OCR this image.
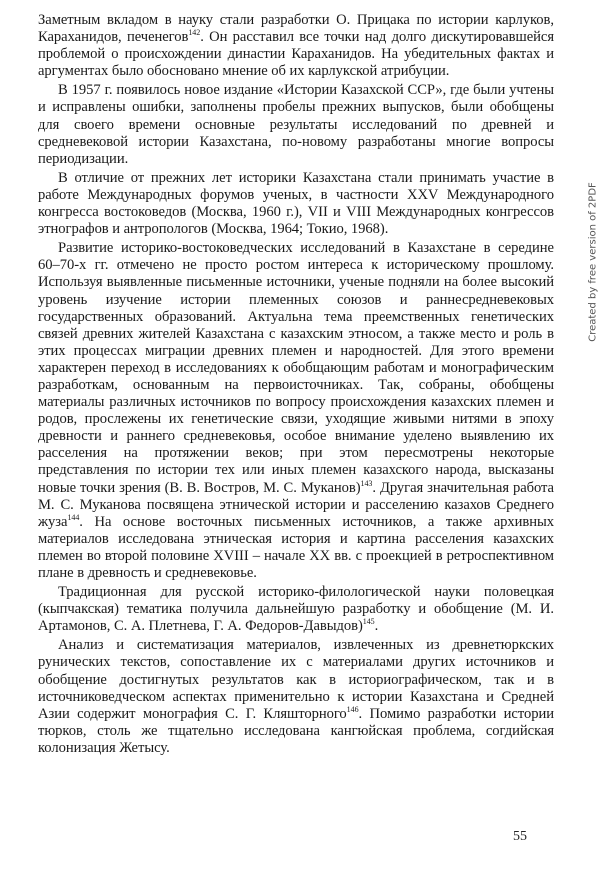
Заметным вкладом в науку стали разработки О. Прицака по истории карлуков, Караханидов, печенегов$^{142}$. Он расставил все точки над долго дискутировавшейся проблемой о происхождении династии Караханидов. На убедительных фактах и аргументах было обосновано мнение об их карлукской атрибуции.

В 1957 г. появилось новое издание «Истории Казахской ССР», где были учтены и исправлены ошибки, заполнены пробелы прежних выпусков, были обобщены для своего времени основные результаты исследований по древней и средневековой истории Казахстана, по-новому разработаны многие вопросы периодизации.

В отличие от прежних лет историки Казахстана стали принимать участие в работе Международных форумов ученых, в частности XXV Международного конгресса востоковедов (Москва, 1960 г.), VII и VIII Международных конгрессов этнографов и антропологов (Москва, 1964; Токио, 1968).

Развитие историко-востоковедческих исследований в Казахстане в середине 60–70-х гг. отмечено не просто ростом интереса к историческому прошлому. Используя выявленные письменные источники, ученые подняли на более высокий уровень изучение истории племенных союзов и раннесредневековых государственных образований. Актуальна тема преемственных генетических связей древних жителей Казахстана с казахским этносом, а также место и роль в этих процессах миграции древних племен и народностей. Для этого времени характерен переход в исследованиях к обобщающим работам и монографическим разработкам, основанным на первоисточниках. Так, собраны, обобщены материалы различных источников по вопросу происхождения казахских племен и родов, прослежены их генетические связи, уходящие живыми нитями в эпоху древности и раннего средневековья, особое внимание уделено выявлению их расселения на протяжении веков; при этом пересмотрены некоторые представления по истории тех или иных племен казахского народа, высказаны новые точки зрения (В. В. Востров, М. С. Муканов)$^{143}$. Другая значительная работа М. С. Муканова посвящена этнической истории и расселению казахов Среднего жуза$^{144}$. На основе восточных письменных источников, а также архивных материалов исследована этническая история и картина расселения казахских племен во второй половине XVIII – начале XX вв. с проекцией в ретроспективном плане в древность и средневековье.

Традиционная для русской историко-филологической науки половецкая (кыпчакская) тематика получила дальнейшую разработку и обобщение (М. И. Артамонов, С. А. Плетнева, Г. А. Федоров-Давыдов)$^{145}$.

Анализ и систематизация материалов, извлеченных из древнетюркских рунических текстов, сопоставление их с материалами других источников и обобщение достигнутых результатов как в историографическом, так и в источниковедческом аспектах применительно к истории Казахстана и Средней Азии содержит монография С. Г. Кляшторного$^{146}$. Помимо разработки истории тюрков, столь же тщательно исследована кангюйская проблема, согдийская колонизация Жетысу.

55
Created by free version of 2PDF
